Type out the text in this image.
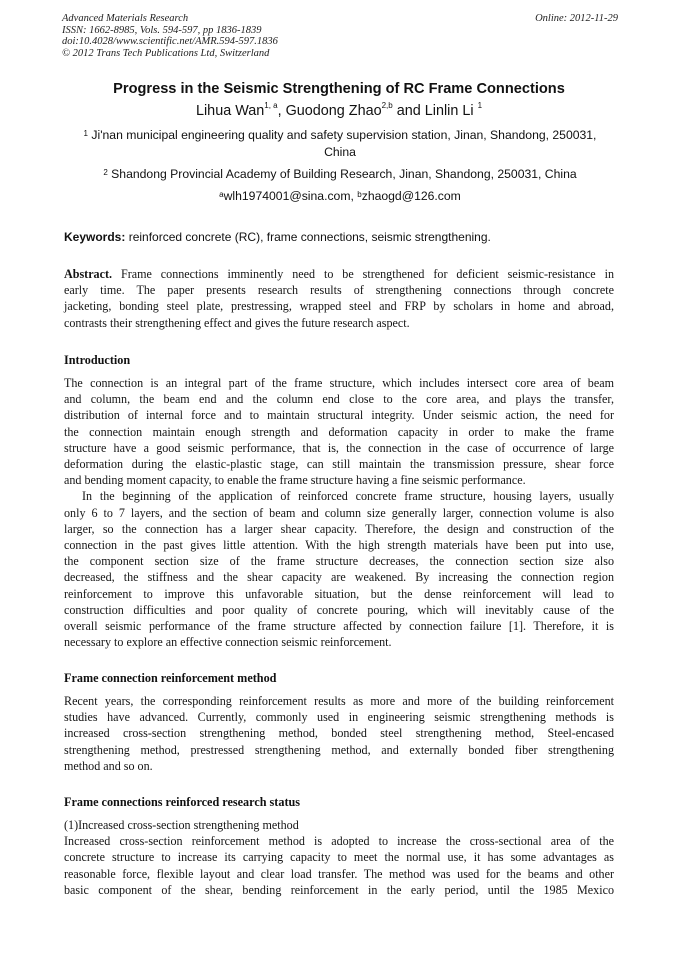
Advanced Materials Research
ISSN: 1662-8985, Vols. 594-597, pp 1836-1839
doi:10.4028/www.scientific.net/AMR.594-597.1836
© 2012 Trans Tech Publications Ltd, Switzerland
Online: 2012-11-29
Progress in the Seismic Strengthening of RC Frame Connections
Lihua Wan$^{1, a}$, Guodong Zhao$^{2,b}$ and Linlin Li $^1$
$^1$ Ji'nan municipal engineering quality and safety supervision station, Jinan, Shandong, 250031,
China
$^2$ Shandong Provincial Academy of Building Research, Jinan, Shandong, 250031, China
$^a$wlh1974001@sina.com, $^b$zhaogd@126.com
Keywords: reinforced concrete (RC), frame connections, seismic strengthening.
Abstract. Frame connections imminently need to be strengthened for deficient seismic-resistance in
early time. The paper presents research results of strengthening connections through concrete
jacketing, bonding steel plate, prestressing, wrapped steel and FRP by scholars in home and abroad,
contrasts their strengthening effect and gives the future research aspect.
Introduction
The connection is an integral part of the frame structure, which includes intersect core area of beam
and column, the beam end and the column end close to the core area, and plays the transfer,
distribution of internal force and to maintain structural integrity. Under seismic action, the need for
the connection maintain enough strength and deformation capacity in order to make the frame
structure have a good seismic performance, that is, the connection in the case of occurrence of large
deformation during the elastic-plastic stage, can still maintain the transmission pressure, shear force
and bending moment capacity, to enable the frame structure having a fine seismic performance.
In the beginning of the application of reinforced concrete frame structure, housing layers, usually
only 6 to 7 layers, and the section of beam and column size generally larger, connection volume is also
larger, so the connection has a larger shear capacity. Therefore, the design and construction of the
connection in the past gives little attention. With the high strength materials have been put into use,
the component section size of the frame structure decreases, the connection section size also
decreased, the stiffness and the shear capacity are weakened. By increasing the connection region
reinforcement to improve this unfavorable situation, but the dense reinforcement will lead to
construction difficulties and poor quality of concrete pouring, which will inevitably cause of the
overall seismic performance of the frame structure affected by connection failure [1]. Therefore, it is
necessary to explore an effective connection seismic reinforcement.
Frame connection reinforcement method
Recent years, the corresponding reinforcement results as more and more of the building reinforcement
studies have advanced. Currently, commonly used in engineering seismic strengthening methods is
increased cross-section strengthening method, bonded steel strengthening method, Steel-encased
strengthening method, prestressed strengthening method, and externally bonded fiber strengthening
method and so on.
Frame connections reinforced research status
(1)Increased cross-section strengthening method
Increased cross-section reinforcement method is adopted to increase the cross-sectional area of the
concrete structure to increase its carrying capacity to meet the normal use, it has some advantages as
reasonable force, flexible layout and clear load transfer. The method was used for the beams and other
basic component of the shear, bending reinforcement in the early period, until the 1985 Mexico
